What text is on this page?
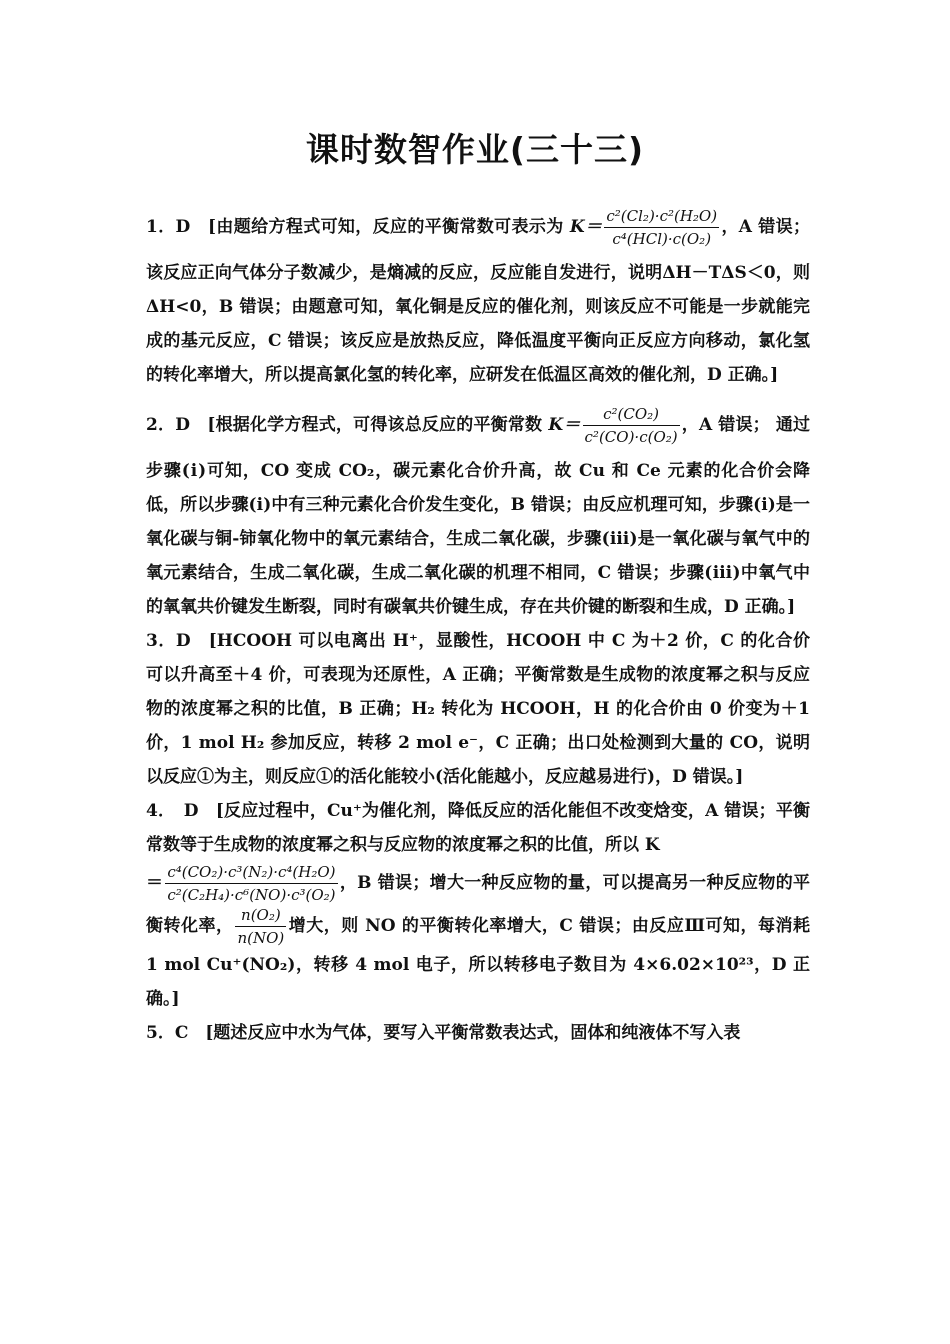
课时数智作业(三十三)

1．D　[由题给方程式可知，反应的平衡常数可表示为 $K= \frac{\text{c²(Cl₂)·c²(H₂O)}}{\text{c⁴(HCl)·c(O₂)}}$ ，A 错误；该反应正向气体分子数减少，是熵减的反应，反应能自发进行，说明ΔH－TΔS＜0，则ΔH<0，B 错误；由题意可知，氧化铜是反应的催化剂，则该反应不可能是一步就能完成的基元反应，C 错误；该反应是放热反应，降低温度平衡向正反应方向移动，氯化氢的转化率增大，所以提高氯化氢的转化率，应研发在低温区高效的催化剂，D 正确。]

2．D　[根据化学方程式，可得该总反应的平衡常数 $K= \frac{\text{c²(CO₂)}}{\text{c²(CO)·c(O₂)}}$ ，A 错误； 通过步骤(ⅰ)可知，CO 变成 CO₂，碳元素化合价升高，故 Cu 和 Ce 元素的化合价会降低，所以步骤(ⅰ)中有三种元素化合价发生变化，B 错误；由反应机理可知，步骤(ⅰ)是一氧化碳与铜-铈氧化物中的氧元素结合，生成二氧化碳，步骤(ⅲ)是一氧化碳与氧气中的氧元素结合，生成二氧化碳，生成二氧化碳的机理不相同，C 错误；步骤(ⅲ)中氧气中的氧氧共价键发生断裂，同时有碳氧共价键生成，存在共价键的断裂和生成，D 正确。]

3．D　[HCOOH 可以电离出 H⁺，显酸性，HCOOH 中 C 为＋2 价，C 的化合价可以升高至＋4 价，可表现为还原性，A 正确；平衡常数是生成物的浓度幂之积与反应物的浓度幂之积的比值，B 正确；H₂ 转化为 HCOOH，H 的化合价由 0 价变为＋1 价，1 mol H₂ 参加反应，转移 2 mol e⁻，C 正确；出口处检测到大量的 CO，说明以反应①为主，则反应①的活化能较小(活化能越小，反应越易进行)，D 错误。]

4．　D　[反应过程中，Cu⁺为催化剂，降低反应的活化能但不改变焓变，A 错误；平衡常数等于生成物的浓度幂之积与反应物的浓度幂之积的比值，所以 K
＝ $\frac{\text{c⁴(CO₂)·c³(N₂)·c⁴(H₂O)}}{\text{c²(C₂H₄)·c⁶(NO)·c³(O₂)}}$ ，B 错误；增大一种反应物的量，可以提高另一种反应物的平衡转化率， $\frac{\text{n(O₂)}}{n(NO)}$ 增大，则 NO 的平衡转化率增大，C 错误；由反应Ⅲ可知，每消耗 1 mol Cu⁺(NO₂)，转移 4 mol 电子，所以转移电子数目为 4×6.02×10²³，D 正确。]

5．C　[题述反应中水为气体，要写入平衡常数表达式，固体和纯液体不写入表
